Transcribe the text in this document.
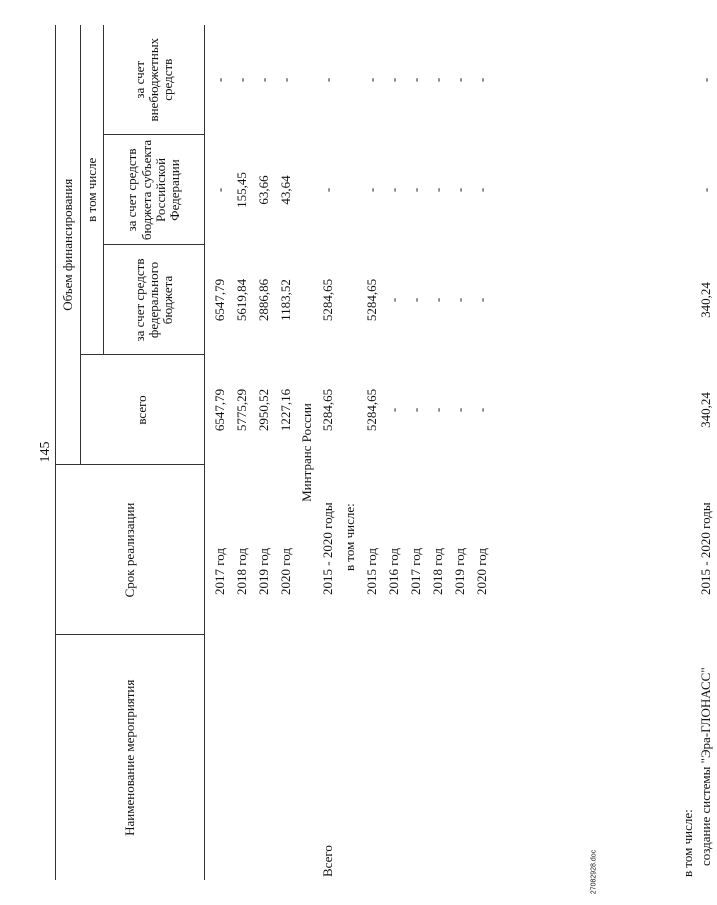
145
27082928.doc
Наименование мероприятия	Срок реализации	Объем финансирования			
		всего	в том числе		
			за счет средств федерального бюджета	за счет средств бюджета субъекта Российской Федерации	за счет внебюджетных средств

	2017 год	6547,79	6547,79	-	-
	2018 год	5775,29	5619,84	155,45	-
	2019 год	2950,52	2886,86	63,66	-
	2020 год	1227,16	1183,52	43,64	-
Минтранс России					
Всего	2015 - 2020 годы	5284,65	5284,65	-	-
	в том числе:				
	2015 год	5284,65	5284,65	-	-
	2016 год	-	-	-	-
	2017 год	-	-	-	-
	2018 год	-	-	-	-
	2019 год	-	-	-	-
	2020 год	-	-	-	-
в том числе:					
создание системы "Эра-ГЛОНАСС"	2015 - 2020 годы	340,24	340,24	-	-
